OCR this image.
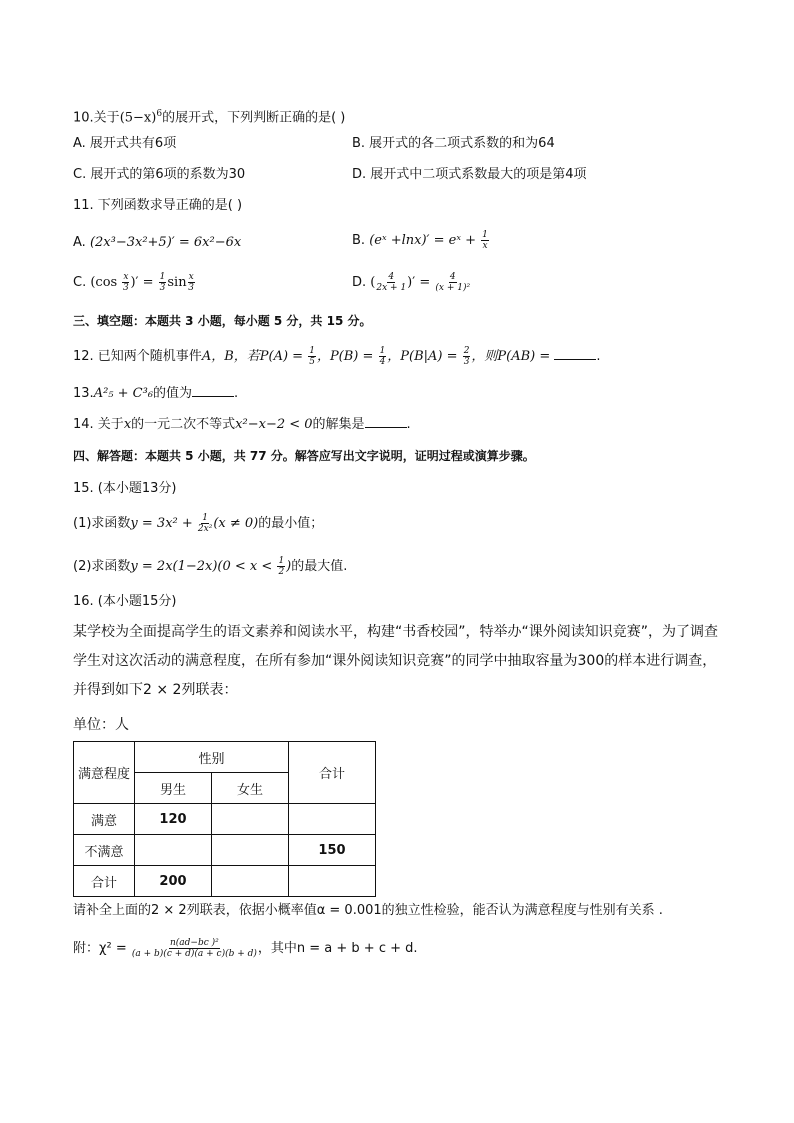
10.关于$(5-x)^6$的展开式，下列判断正确的是( )
A. 展开式共有6项	B. 展开式的各二项式系数的和为64
C. 展开式的第6项的系数为30	D. 展开式中二项式系数最大的项是第4项
11. 下列函数求导正确的是( )
A. (2x³−3x²+5)′ = 6x²−6x	B. (eˣ +lnx)′ = eˣ + $\frac{1}{x}$
C. ($\cos \frac{x}{3}$ )′ = $\frac{1}{3}$ $\sin \frac{x}{3}$	D. ( $\frac{4}{2x + 1}$ )′ = $\frac{4}{\text{(x + 1)²}}$
三、填空题：本题共 3 小题，每小题 5 分，共 15 分。
12. 已知两个随机事件A，B，若$P(A) = \frac{1}{5}$ ，$P(B) = \frac{1}{4}$ ，$P(B|A) = \frac{2}{3}$ ，则P(AB) =	.
13.A²₅ + C³₆的值为	.
14. 关于x的一元二次不等式x²−x−2 < 0的解集是	.
四、解答题：本题共 5 小题，共 77 分。解答应写出文字说明，证明过程或演算步骤。
15. (本小题13分)
(1)求函数$y = 3x^2 + \frac{1}{\text{2x²}} (x \ne 0)$的最小值；
(2)求函数$y = 2x(1-2x)(0 < x < \frac{1}{2}$ )的最大值.
16. (本小题15分)
某学校为全面提高学生的语文素养和阅读水平，构建“书香校园”，特举办“课外阅读知识竞赛”，为了调查学生对这次活动的满意程度，在所有参加“课外阅读知识竞赛”的同学中抽取容量为300的样本进行调查，并得到如下2 × 2列联表：
单位：人
满意程度	性别		合计
	男生	女生	
满意	120		
不满意			150
合计	200		
请补全上面的2 × 2列联表，依据小概率值α = 0.001的独立性检验，能否认为满意程度与性别有关系 .
附：$\chi^2 = \frac{\text{n(ad−bc )²}}{(a + b)(c + d)(a + c)(b + d)}$ ，其中n = a + b + c + d.
